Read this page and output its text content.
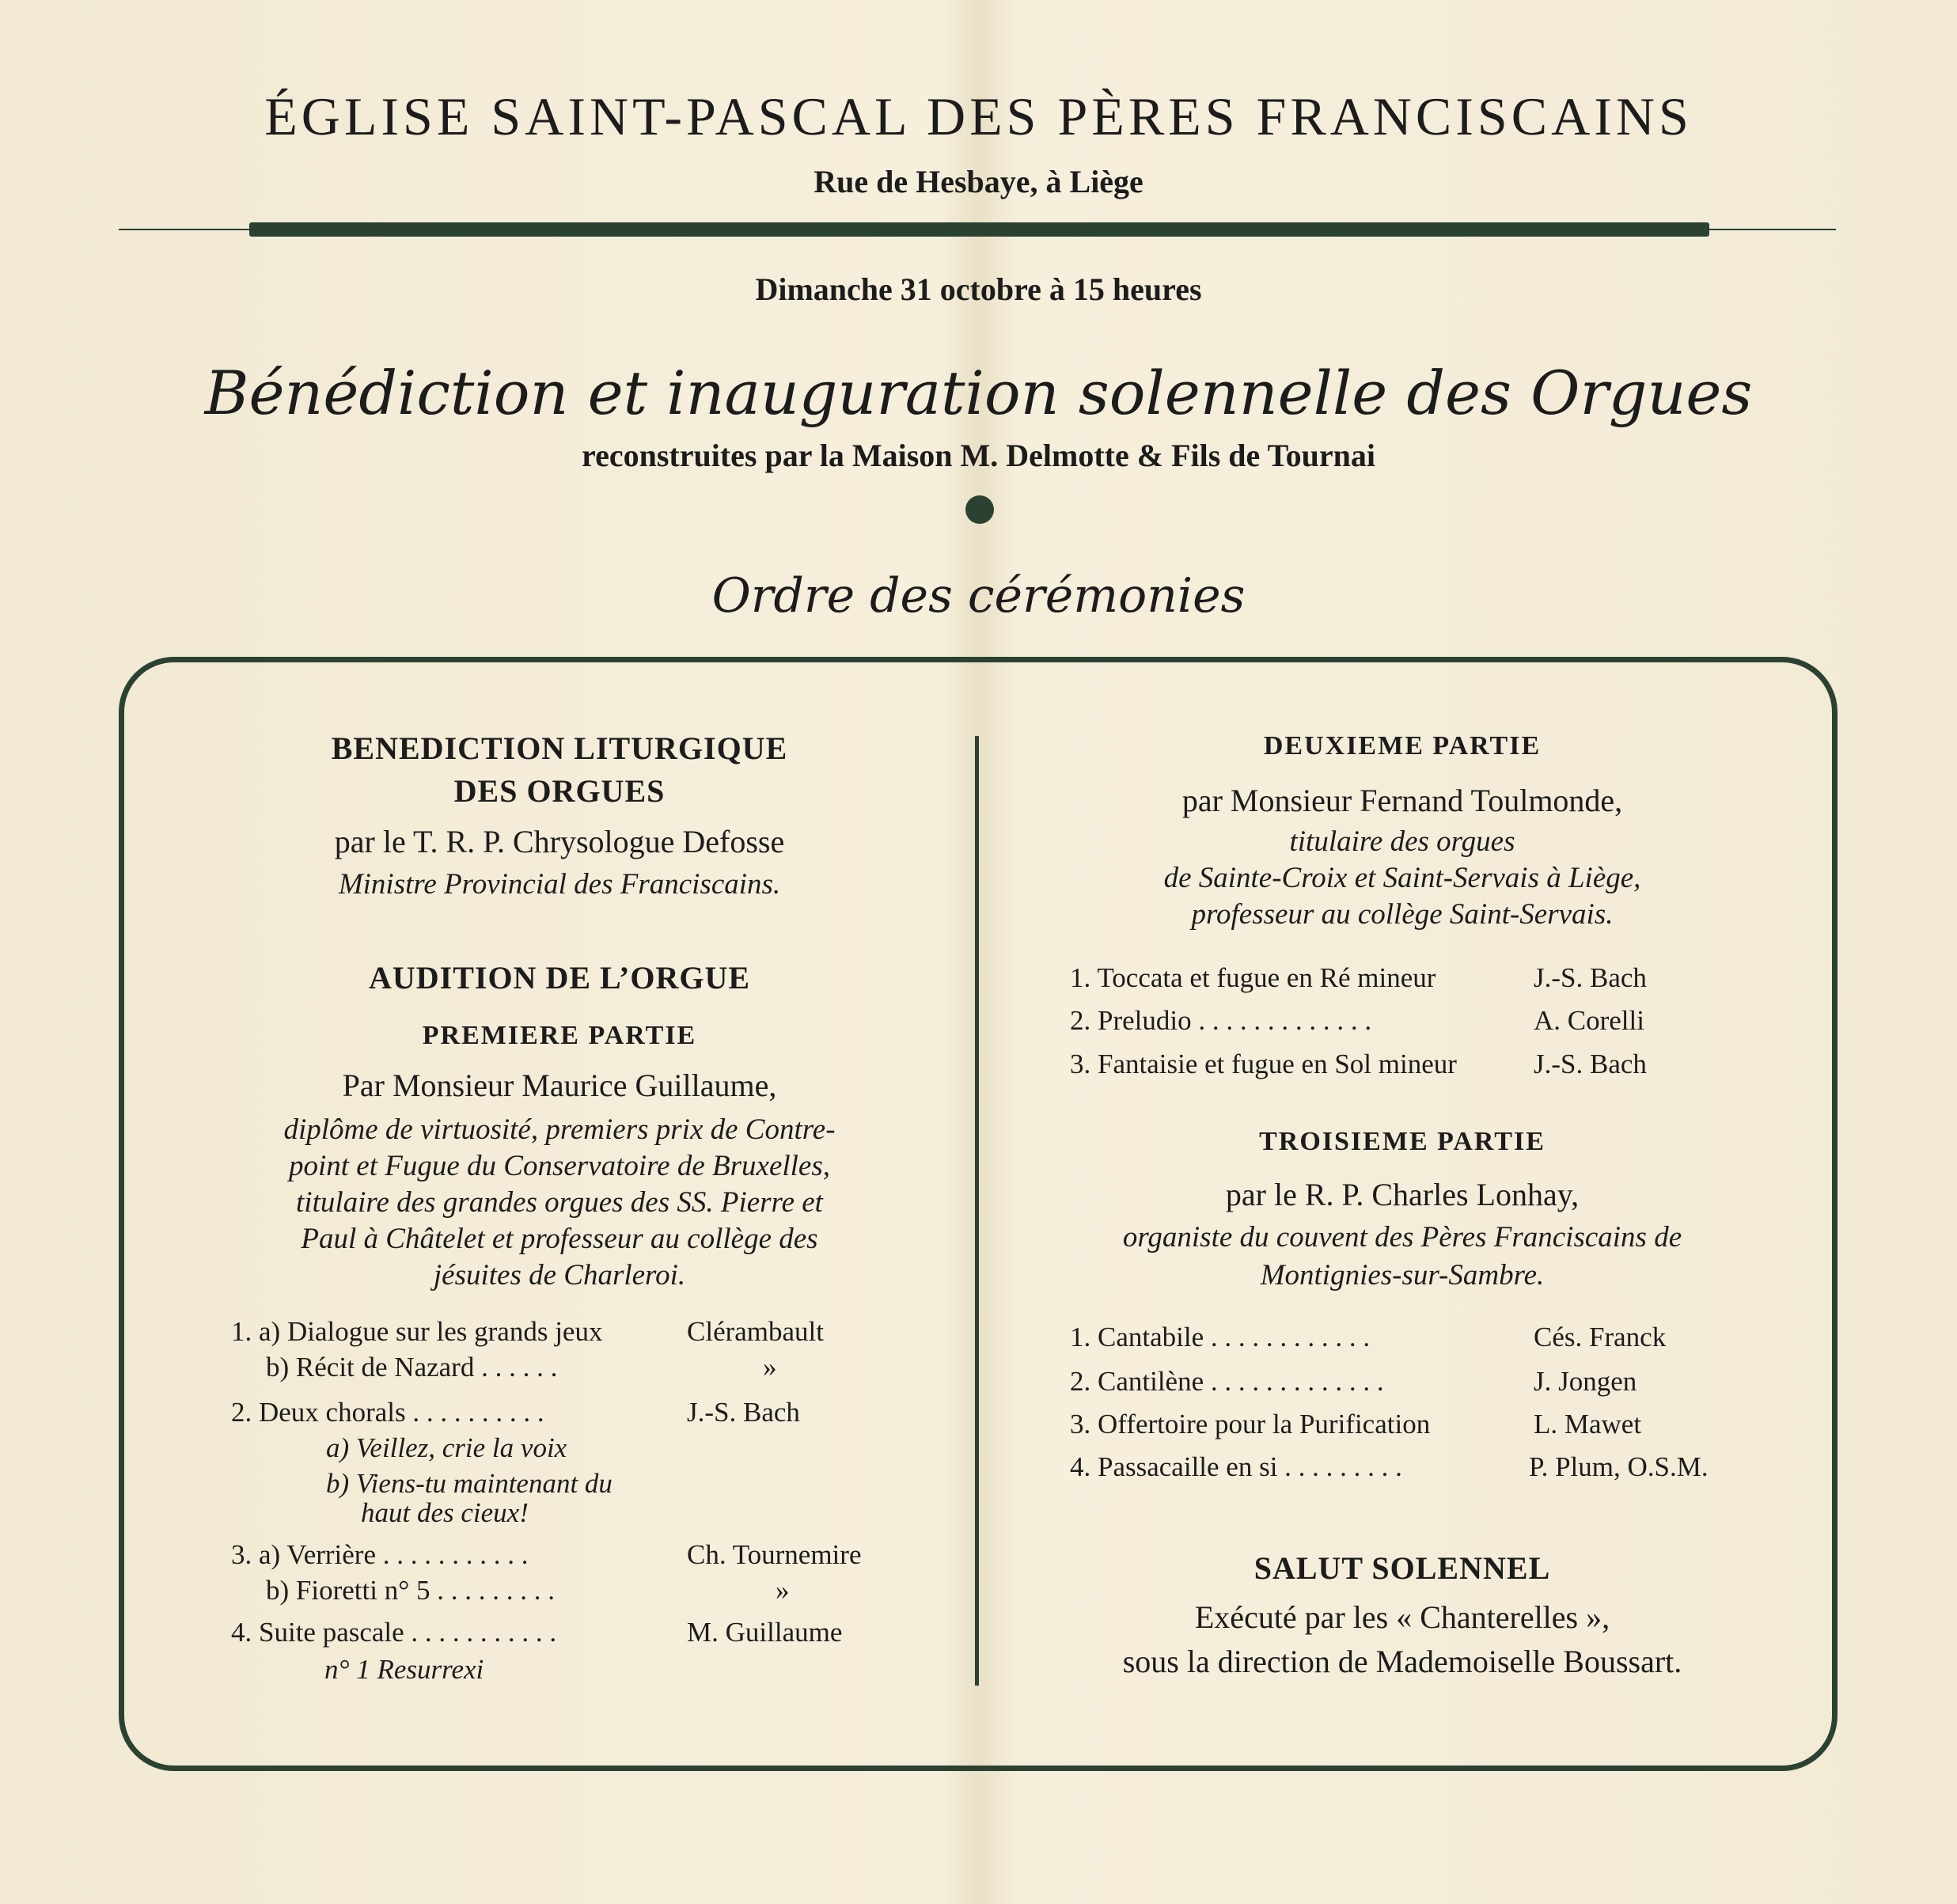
ÉGLISE SAINT-PASCAL DES PÈRES FRANCISCAINS
Rue de Hesbaye, à Liège
Dimanche 31 octobre à 15 heures
Bénédiction et inauguration solennelle des Orgues
reconstruites par la Maison M. Delmotte & Fils de Tournai
Ordre des cérémonies
BENEDICTION LITURGIQUE
DES ORGUES
par le T. R. P. Chrysologue Defosse
Ministre Provincial des Franciscains.
AUDITION DE L’ORGUE
PREMIERE PARTIE
Par Monsieur Maurice Guillaume,
diplôme de virtuosité, premiers prix de Contre-
point et Fugue du Conservatoire de Bruxelles,
titulaire des grandes orgues des SS. Pierre et
Paul à Châtelet et professeur au collège des
jésuites de Charleroi.
1. a) Dialogue sur les grands jeux	Clérambault
b) Récit de Nazard . . . . . .	»
2. Deux chorals . . . . . . . . . .	J.-S. Bach
a) Veillez, crie la voix
b) Viens-tu maintenant du
haut des cieux!
3. a) Verrière . . . . . . . . . . .	Ch. Tournemire
b) Fioretti n° 5 . . . . . . . . .	»
4. Suite pascale . . . . . . . . . . .	M. Guillaume
n° 1 Resurrexi
DEUXIEME PARTIE
par Monsieur Fernand Toulmonde,
titulaire des orgues
de Sainte-Croix et Saint-Servais à Liège,
professeur au collège Saint-Servais.
1. Toccata et fugue en Ré mineur	J.-S. Bach
2. Preludio . . . . . . . . . . . . .	A. Corelli
3. Fantaisie et fugue en Sol mineur	J.-S. Bach
TROISIEME PARTIE
par le R. P. Charles Lonhay,
organiste du couvent des Pères Franciscains de
Montignies-sur-Sambre.
1. Cantabile . . . . . . . . . . . .	Cés. Franck
2. Cantilène . . . . . . . . . . . . .	J. Jongen
3. Offertoire pour la Purification	L. Mawet
4. Passacaille en si . . . . . . . . .	P. Plum, O.S.M.
SALUT SOLENNEL
Exécuté par les « Chanterelles »,
sous la direction de Mademoiselle Boussart.
